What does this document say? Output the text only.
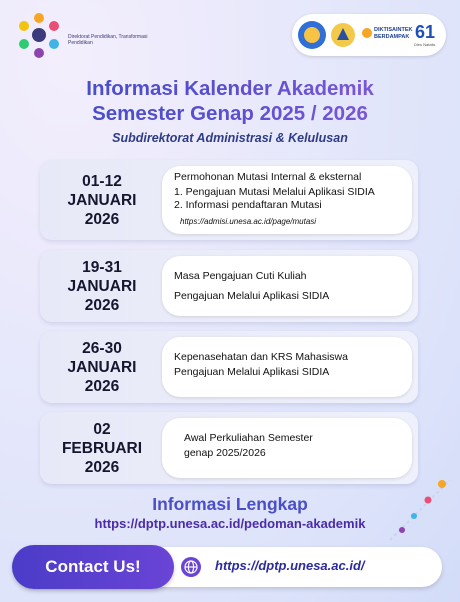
Direktorat Pendidikan, Transformasi Pendidikan
DIKTISAINTEK
BERDAMPAK 61
Dies Natalis
Informasi Kalender Akademik
Semester Genap 2025 / 2026
Subdirektorat Administrasi & Kelulusan
01-12
JANUARI
2026
Permohonan Mutasi Internal & eksternal
1. Pengajuan Mutasi Melalui Aplikasi SIDIA
2. Informasi pendaftaran Mutasi
https://admisi.unesa.ac.id/page/mutasi
19-31
JANUARI
2026
Masa Pengajuan Cuti Kuliah
Pengajuan Melalui Aplikasi SIDIA
26-30
JANUARI
2026
Kepenasehatan dan KRS Mahasiswa
Pengajuan Melalui Aplikasi SIDIA
02
FEBRUARI
2026
Awal Perkuliahan Semester
genap 2025/2026
Informasi Lengkap
https://dptp.unesa.ac.id/pedoman-akademik
Contact Us!	https://dptp.unesa.ac.id/
